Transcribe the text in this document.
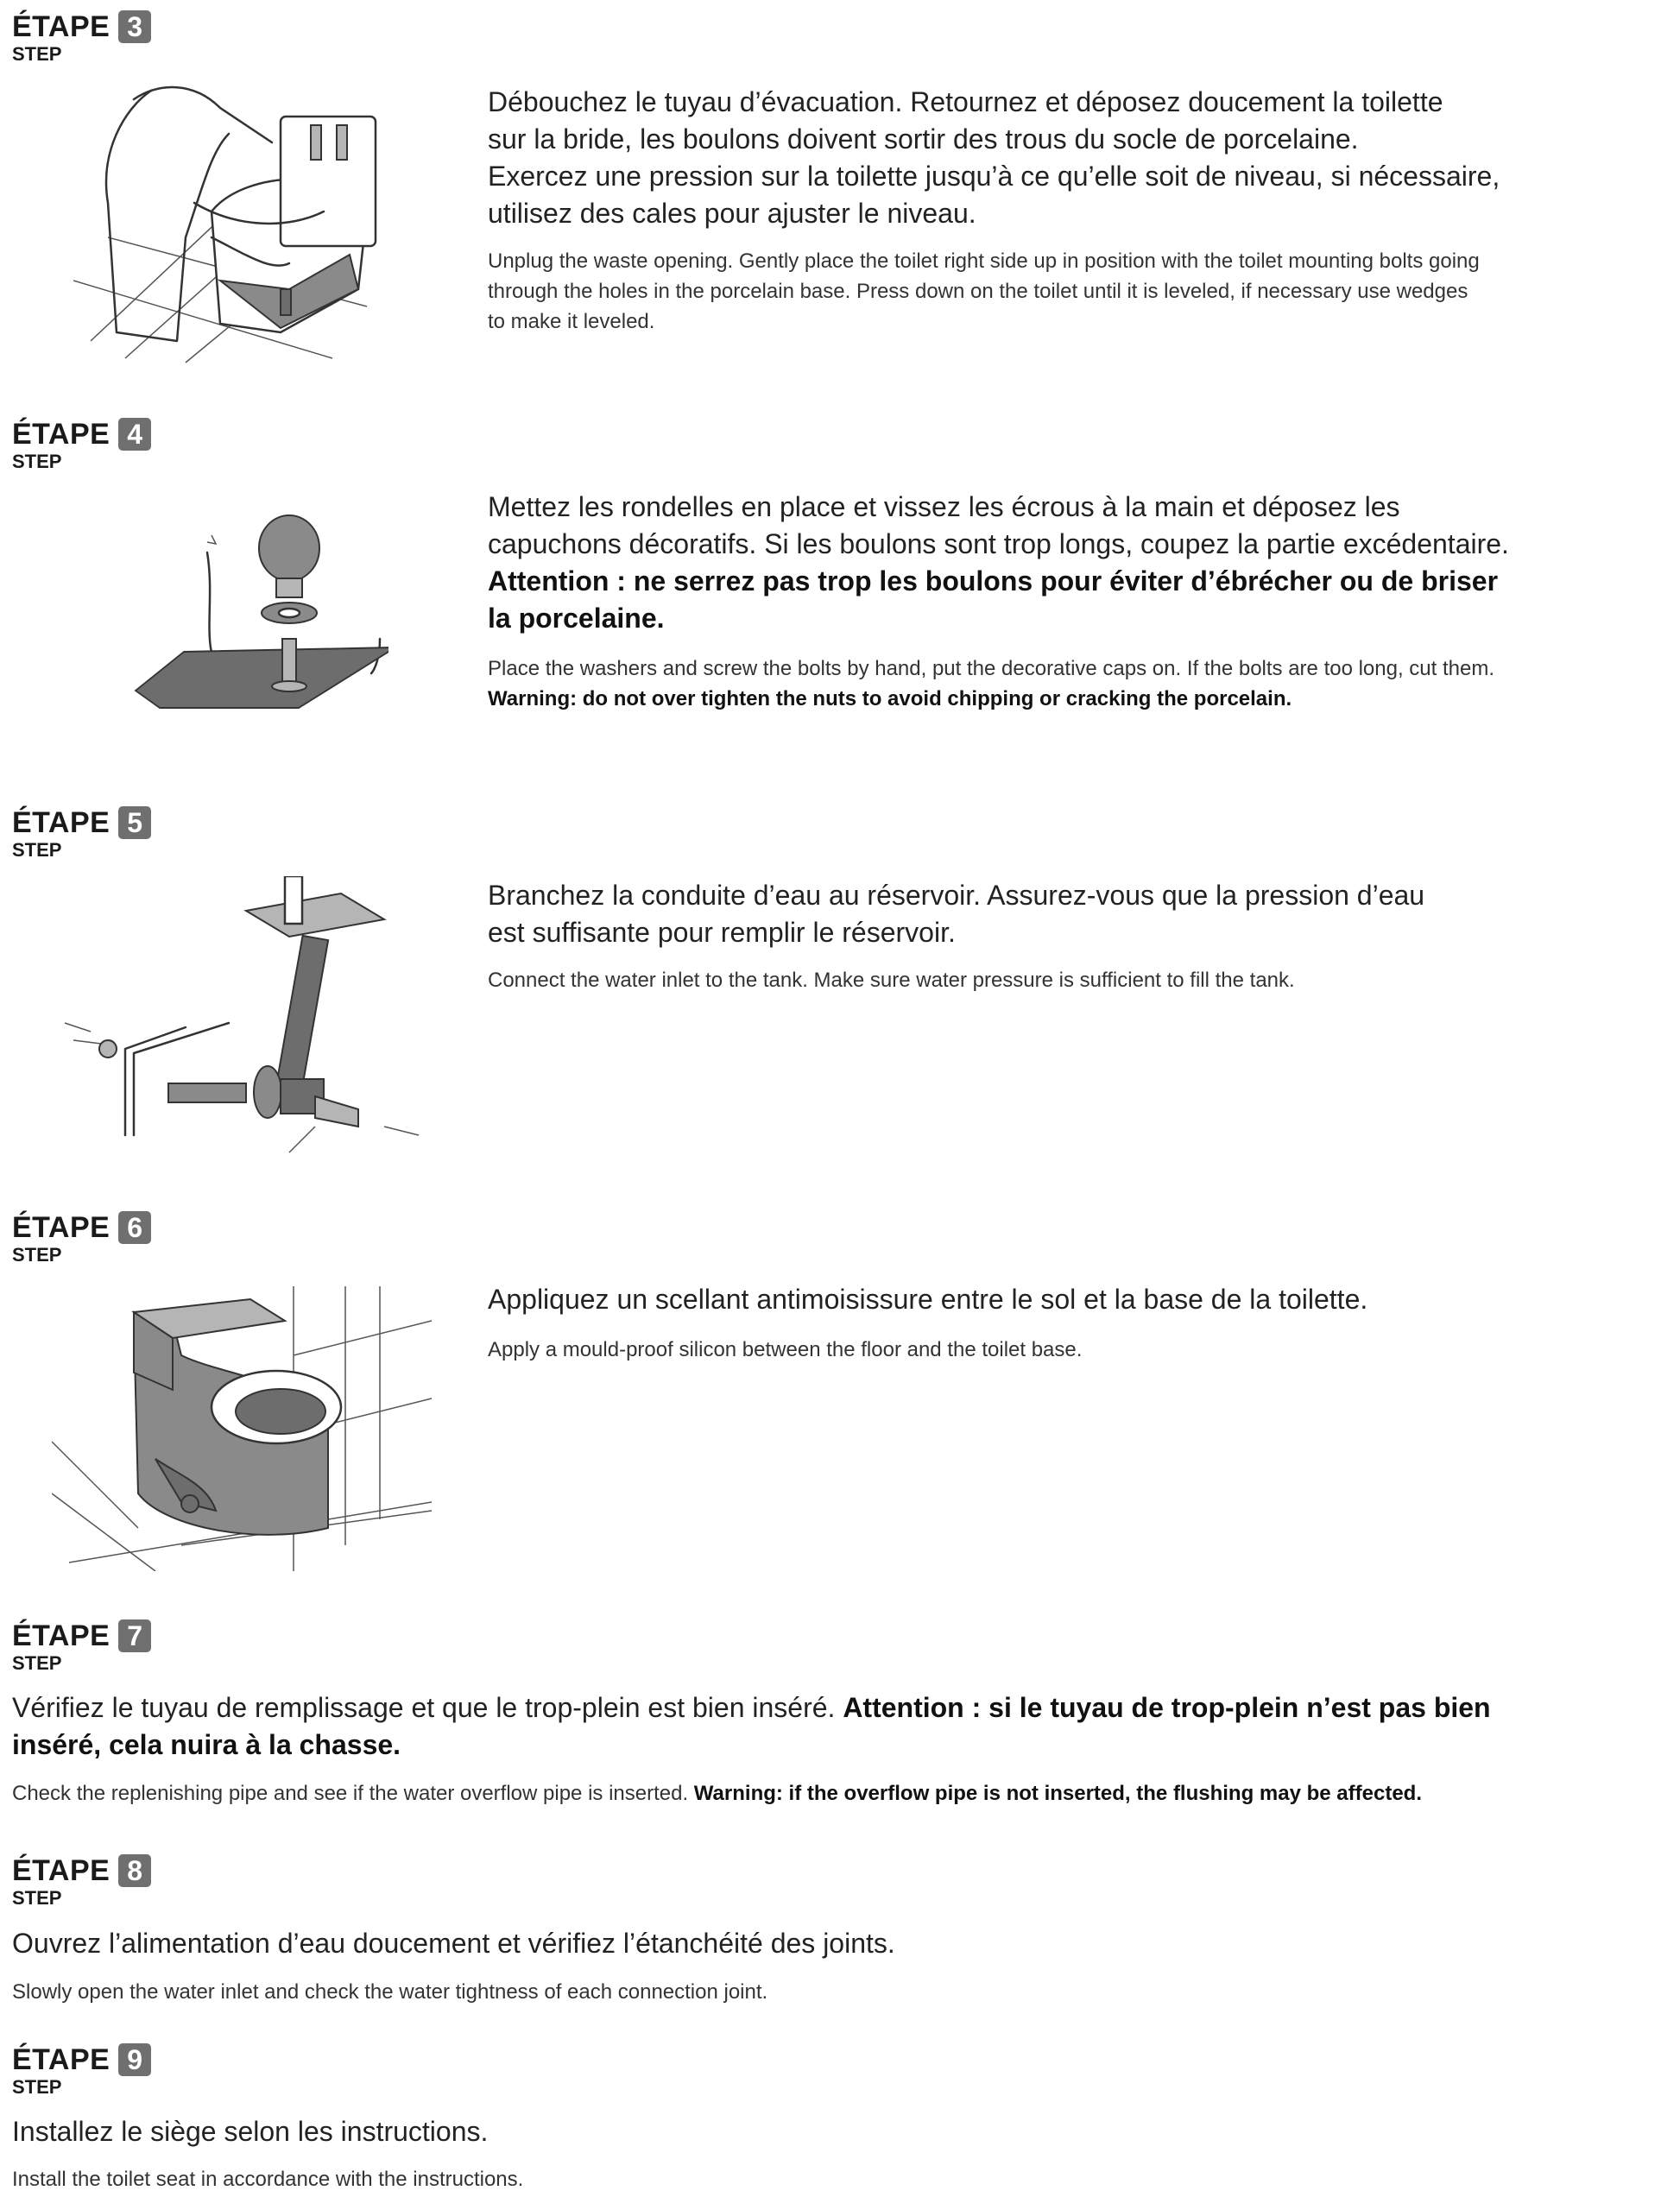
ÉTAPE 3
STEP
Débouchez le tuyau d’évacuation. Retournez et déposez doucement la toilette
sur la bride, les boulons doivent sortir des trous du socle de porcelaine.
Exercez une pression sur la toilette jusqu’à ce qu’elle soit de niveau, si nécessaire,
utilisez des cales pour ajuster le niveau.
Unplug the waste opening. Gently place the toilet right side up in position with the toilet mounting bolts going
through the holes in the porcelain base. Press down on the toilet until it is leveled, if necessary use wedges
to make it leveled.
ÉTAPE 4
STEP
Mettez les rondelles en place et vissez les écrous à la main et déposez les
capuchons décoratifs. Si les boulons sont trop longs, coupez la partie excédentaire.
Attention : ne serrez pas trop les boulons pour éviter d’ébrécher ou de briser
la porcelaine.
Place the washers and screw the bolts by hand, put the decorative caps on. If the bolts are too long, cut them.
Warning: do not over tighten the nuts to avoid chipping or cracking the porcelain.
ÉTAPE 5
STEP
Branchez la conduite d’eau au réservoir. Assurez-vous que la pression d’eau
est suffisante pour remplir le réservoir.
Connect the water inlet to the tank. Make sure water pressure is sufficient to fill the tank.
ÉTAPE 6
STEP
Appliquez un scellant antimoisissure entre le sol et la base de la toilette.
Apply a mould-proof silicon between the floor and the toilet base.
ÉTAPE 7
STEP
Vérifiez le tuyau de remplissage et que le trop-plein est bien inséré. Attention : si le tuyau de trop-plein n’est pas bien
inséré, cela nuira à la chasse.
Check the replenishing pipe and see if the water overflow pipe is inserted. Warning: if the overflow pipe is not inserted, the flushing may be affected.
ÉTAPE 8
STEP
Ouvrez l’alimentation d’eau doucement et vérifiez l’étanchéité des joints.
Slowly open the water inlet and check the water tightness of each connection joint.
ÉTAPE 9
STEP
Installez le siège selon les instructions.
Install the toilet seat in accordance with the instructions.
